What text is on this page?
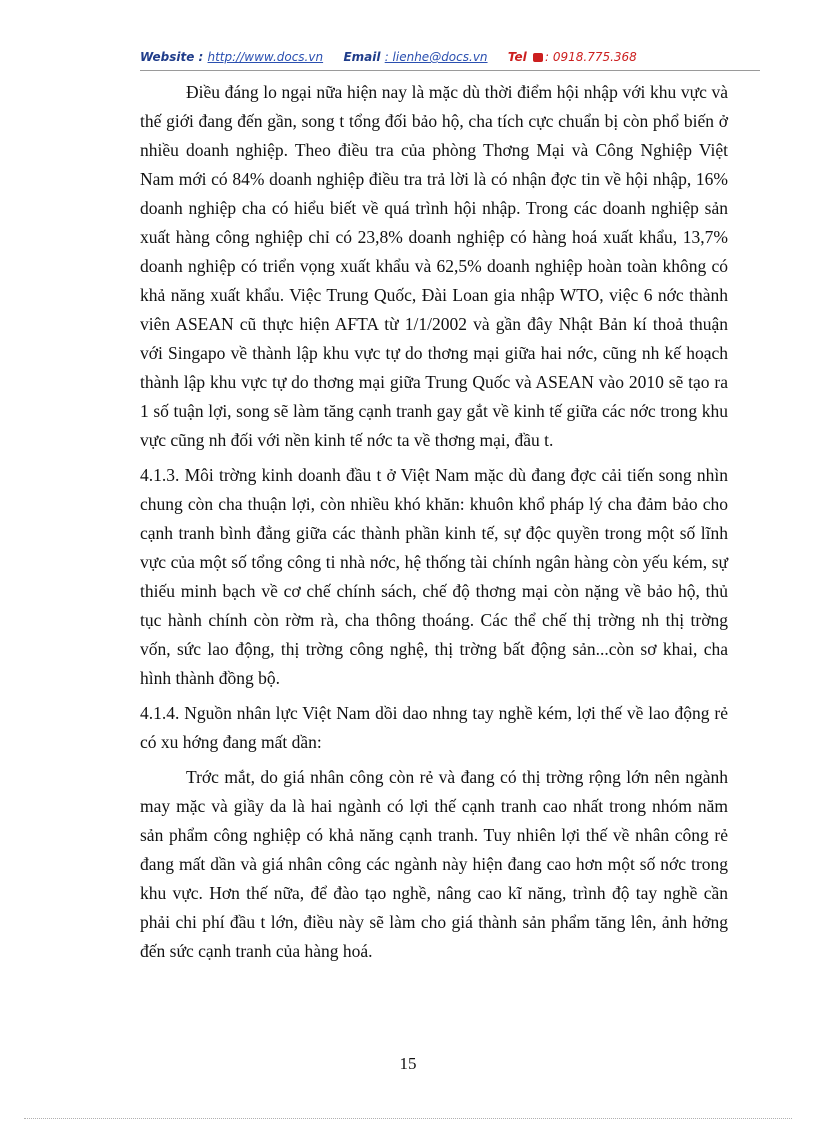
Website : http://www.docs.vn Email : lienhe@docs.vn Tel : 0918.775.368

Điều đáng lo ngại nữa hiện nay là mặc dù thời điểm hội nhập với khu vực và thế giới đang đến gần, song t tổng đối bảo hộ, cha tích cực chuẩn bị còn phổ biến ở nhiều doanh nghiệp. Theo điều tra của phòng Thơng Mại và Công Nghiệp Việt Nam mới có 84% doanh nghiệp điều tra trả lời là có nhận đợc tin về hội nhập, 16% doanh nghiệp cha có hiểu biết về quá trình hội nhập. Trong các doanh nghiệp sản xuất hàng công nghiệp chỉ có 23,8% doanh nghiệp có hàng hoá xuất khẩu, 13,7% doanh nghiệp có triển vọng xuất khẩu và 62,5% doanh nghiệp hoàn toàn không có khả năng xuất khẩu. Việc Trung Quốc, Đài Loan gia nhập WTO, việc 6 nớc thành viên ASEAN cũ thực hiện AFTA từ 1/1/2002 và gần đây Nhật Bản kí thoả thuận với Singapo về thành lập khu vực tự do thơng mại giữa hai nớc, cũng nh kế hoạch thành lập khu vực tự do thơng mại giữa Trung Quốc và ASEAN vào 2010 sẽ tạo ra 1 số tuận lợi, song sẽ làm tăng cạnh tranh gay gắt về kinh tế giữa các nớc trong khu vực cũng nh đối với nền kinh tế nớc ta về thơng mại, đầu t.

4.1.3. Môi trờng kinh doanh đầu t ở Việt Nam mặc dù đang đợc cải tiến song nhìn chung còn cha thuận lợi, còn nhiều khó khăn: khuôn khổ pháp lý cha đảm bảo cho cạnh tranh bình đẳng giữa các thành phần kinh tế, sự độc quyền trong một số lĩnh vực của một số tổng công ti nhà nớc, hệ thống tài chính ngân hàng còn yếu kém, sự thiếu minh bạch về cơ chế chính sách, chế độ thơng mại còn nặng về bảo hộ, thủ tục hành chính còn rờm rà, cha thông thoáng. Các thể chế thị trờng nh thị trờng vốn, sức lao động, thị trờng công nghệ, thị trờng bất động sản...còn sơ khai, cha hình thành đồng bộ.

4.1.4. Nguồn nhân lực Việt Nam dồi dao nhng tay nghề kém, lợi thế về lao động rẻ có xu hớng đang mất dần:

Trớc mắt, do giá nhân công còn rẻ và đang có thị trờng rộng lớn nên ngành may mặc và giầy da là hai ngành có lợi thế cạnh tranh cao nhất trong nhóm năm sản phẩm công nghiệp có khả năng cạnh tranh. Tuy nhiên lợi thế về nhân công rẻ đang mất dần và giá nhân công các ngành này hiện đang cao hơn một số nớc trong khu vực. Hơn thế nữa, để đào tạo nghề, nâng cao kĩ năng, trình độ tay nghề cần phải chi phí đầu t lớn, điều này sẽ làm cho giá thành sản phẩm tăng lên, ảnh hởng đến sức cạnh tranh của hàng hoá.

15
